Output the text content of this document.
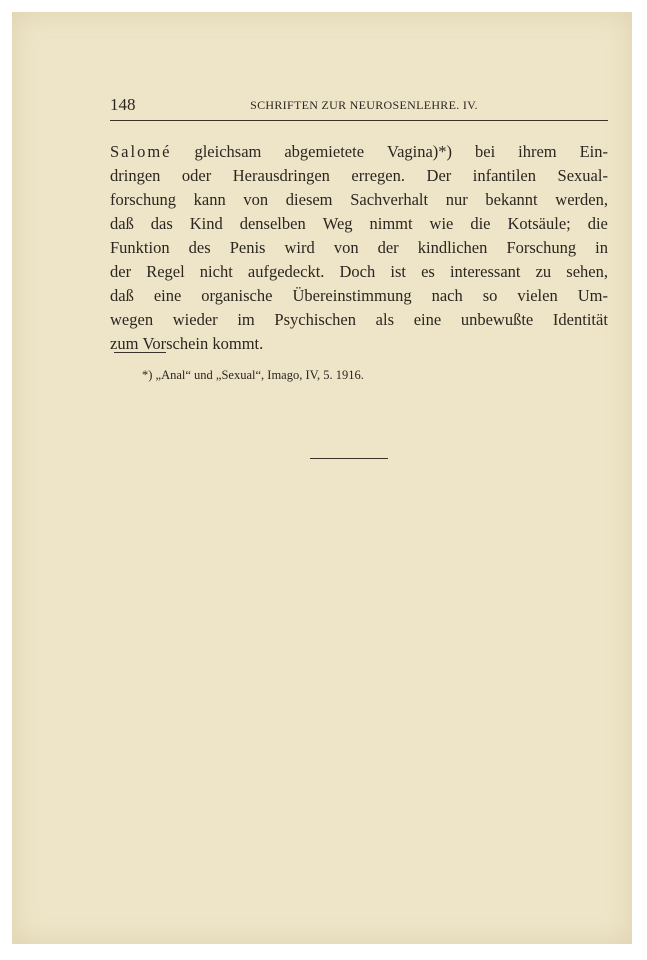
148	SCHRIFTEN ZUR NEUROSENLEHRE. IV.
Salomé gleichsam abgemietete Vagina)*) bei ihrem Ein-
dringen oder Herausdringen erregen. Der infantilen Sexual-
forschung kann von diesem Sachverhalt nur bekannt werden,
daß das Kind denselben Weg nimmt wie die Kotsäule; die
Funktion des Penis wird von der kindlichen Forschung in
der Regel nicht aufgedeckt. Doch ist es interessant zu sehen,
daß eine organische Übereinstimmung nach so vielen Um-
wegen wieder im Psychischen als eine unbewußte Identität
zum
Vorschein
kommt.
*) „Anal“ und „Sexual“, Imago, IV, 5. 1916.
